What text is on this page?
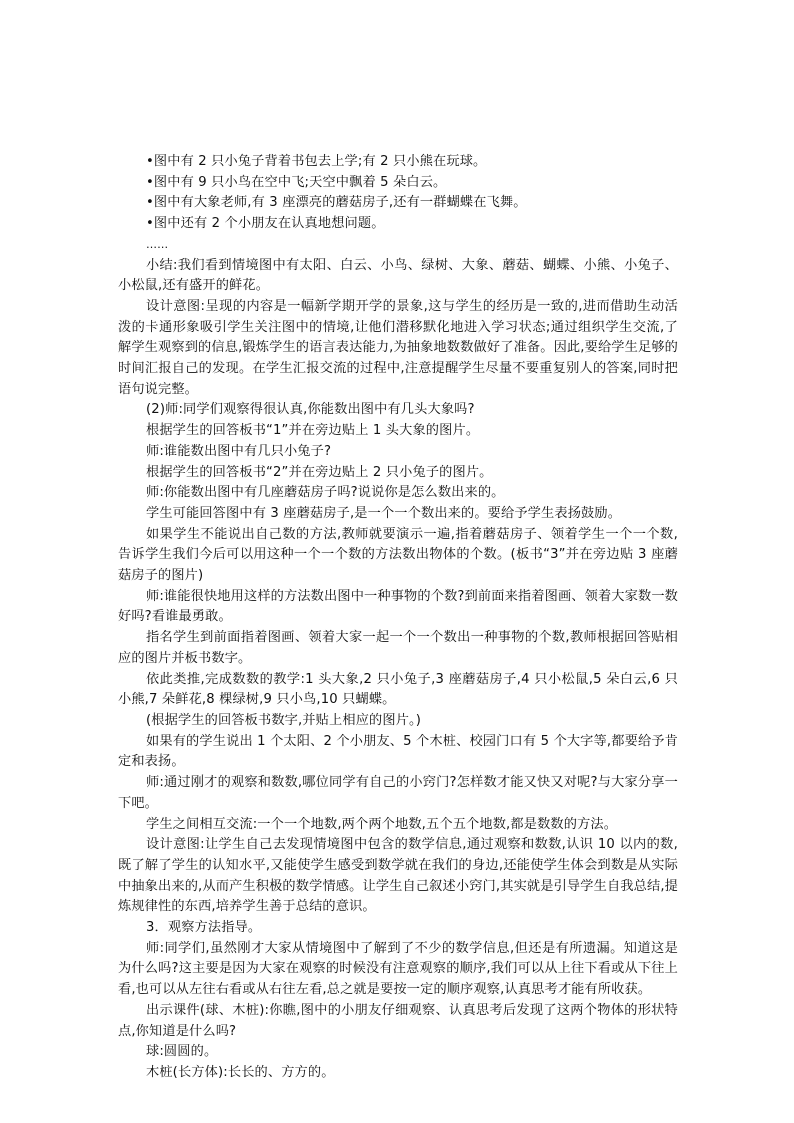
•图中有 2 只小兔子背着书包去上学;有 2 只小熊在玩球。

•图中有 9 只小鸟在空中飞;天空中飘着 5 朵白云。

•图中有大象老师,有 3 座漂亮的蘑菇房子,还有一群蝴蝶在飞舞。

•图中还有 2 个小朋友在认真地想问题。

……

小结:我们看到情境图中有太阳、白云、小鸟、绿树、大象、蘑菇、蝴蝶、小熊、小兔子、小松鼠,还有盛开的鲜花。

设计意图:呈现的内容是一幅新学期开学的景象,这与学生的经历是一致的,进而借助生动活泼的卡通形象吸引学生关注图中的情境,让他们潜移默化地进入学习状态;通过组织学生交流,了解学生观察到的信息,锻炼学生的语言表达能力,为抽象地数数做好了准备。因此,要给学生足够的时间汇报自己的发现。在学生汇报交流的过程中,注意提醒学生尽量不要重复别人的答案,同时把语句说完整。

(2)师:同学们观察得很认真,你能数出图中有几头大象吗?

根据学生的回答板书“1”并在旁边贴上 1 头大象的图片。

师:谁能数出图中有几只小兔子?

根据学生的回答板书“2”并在旁边贴上 2 只小兔子的图片。

师:你能数出图中有几座蘑菇房子吗?说说你是怎么数出来的。

学生可能回答图中有 3 座蘑菇房子,是一个一个数出来的。要给予学生表扬鼓励。

如果学生不能说出自己数的方法,教师就要演示一遍,指着蘑菇房子、领着学生一个一个数,告诉学生我们今后可以用这种一个一个数的方法数出物体的个数。(板书“3”并在旁边贴 3 座蘑菇房子的图片)

师:谁能很快地用这样的方法数出图中一种事物的个数?到前面来指着图画、领着大家数一数好吗?看谁最勇敢。

指名学生到前面指着图画、领着大家一起一个一个数出一种事物的个数,教师根据回答贴相应的图片并板书数字。

依此类推,完成数数的教学:1 头大象,2 只小兔子,3 座蘑菇房子,4 只小松鼠,5 朵白云,6 只小熊,7 朵鲜花,8 棵绿树,9 只小鸟,10 只蝴蝶。

(根据学生的回答板书数字,并贴上相应的图片。)

如果有的学生说出 1 个太阳、2 个小朋友、5 个木桩、校园门口有 5 个大字等,都要给予肯定和表扬。

师:通过刚才的观察和数数,哪位同学有自己的小窍门?怎样数才能又快又对呢?与大家分享一下吧。

学生之间相互交流:一个一个地数,两个两个地数,五个五个地数,都是数数的方法。

设计意图:让学生自己去发现情境图中包含的数学信息,通过观察和数数,认识 10 以内的数,既了解了学生的认知水平,又能使学生感受到数学就在我们的身边,还能使学生体会到数是从实际中抽象出来的,从而产生积极的数学情感。让学生自己叙述小窍门,其实就是引导学生自我总结,提炼规律性的东西,培养学生善于总结的意识。

3．观察方法指导。

师:同学们,虽然刚才大家从情境图中了解到了不少的数学信息,但还是有所遗漏。知道这是为什么吗?这主要是因为大家在观察的时候没有注意观察的顺序,我们可以从上往下看或从下往上看,也可以从左往右看或从右往左看,总之就是要按一定的顺序观察,认真思考才能有所收获。

出示课件(球、木桩):你瞧,图中的小朋友仔细观察、认真思考后发现了这两个物体的形状特点,你知道是什么吗?

球:圆圆的。

木桩(长方体):长长的、方方的。
